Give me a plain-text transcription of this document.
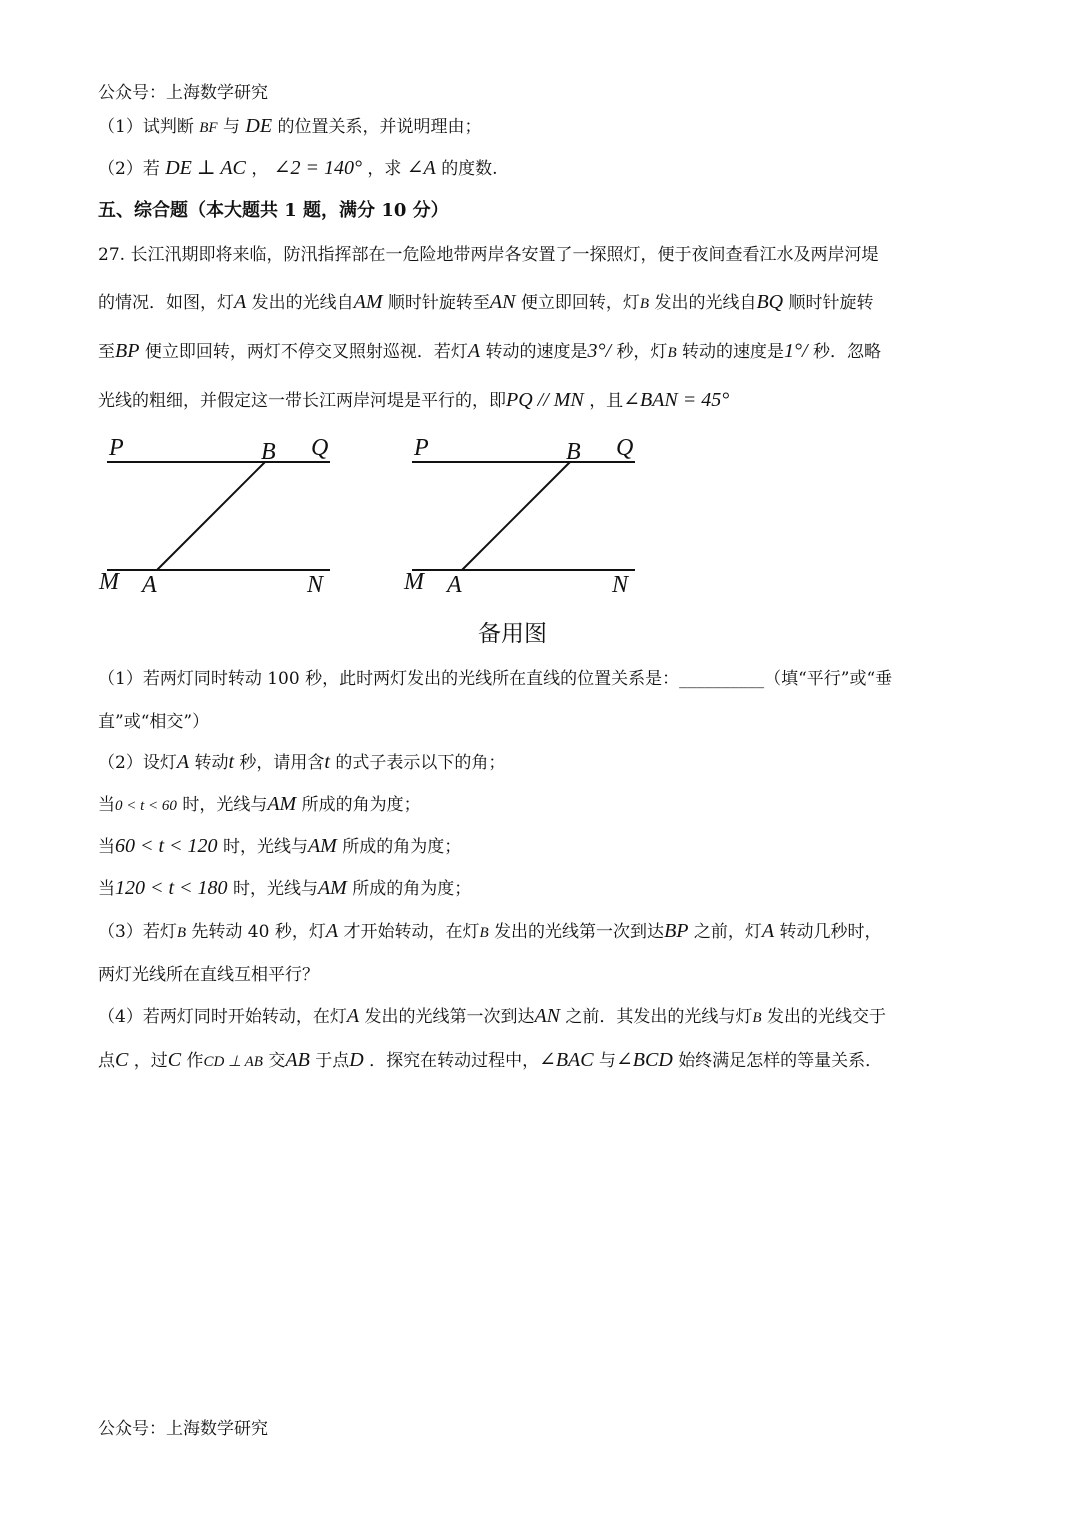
公众号：上海数学研究
（1）试判断 BF 与 DE 的位置关系，并说明理由；
（2）若 DE ⊥ AC ， ∠2 = 140° ，求 ∠A 的度数.
五、综合题（本大题共 1 题，满分 10 分）
27. 长江汛期即将来临，防汛指挥部在一危险地带两岸各安置了一探照灯，便于夜间查看江水及两岸河堤
的情况．如图，灯A 发出的光线自AM 顺时针旋转至AN 便立即回转，灯B 发出的光线自BQ 顺时针旋转
至BP 便立即回转，两灯不停交叉照射巡视．若灯A 转动的速度是3°/ 秒，灯B 转动的速度是1°/ 秒．忽略
光线的粗细，并假定这一带长江两岸河堤是平行的，即PQ // MN ，且∠BAN = 45°
P	B Q
M A	N
P	B Q
M A	N
备用图
（1）若两灯同时转动 100 秒，此时两灯发出的光线所在直线的位置关系是：__________（填“平行”或“垂
直”或“相交”）
（2）设灯A 转动t 秒，请用含t 的式子表示以下的角；
当0 < t < 60 时，光线与AM 所成的角为度；
当60 < t < 120 时，光线与AM 所成的角为度；
当120 < t < 180 时，光线与AM 所成的角为度；
（3）若灯B 先转动 40 秒，灯A 才开始转动，在灯B 发出的光线第一次到达BP 之前，灯A 转动几秒时，
两灯光线所在直线互相平行？
（4）若两灯同时开始转动，在灯A 发出的光线第一次到达AN 之前．其发出的光线与灯B 发出的光线交于
点C ，过C 作CD ⊥ AB 交AB 于点D ．探究在转动过程中，∠BAC 与∠BCD 始终满足怎样的等量关系．
公众号：上海数学研究
